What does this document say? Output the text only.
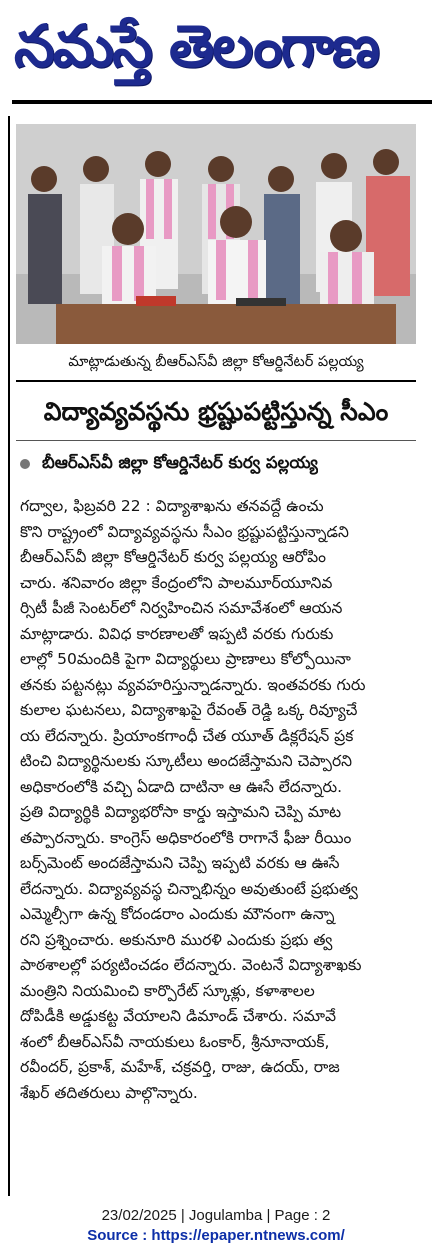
నమస్తే తెలంగాణ
మాట్లాడుతున్న బీఆర్‌ఎస్‌వీ జిల్లా కోఆర్డినేటర్‌ పల్లయ్య
విద్యావ్యవస్థను భ్రష్టుపట్టిస్తున్న సీఎం
బీఆర్‌ఎస్‌వీ జిల్లా కోఆర్డినేటర్‌ కుర్వ పల్లయ్య
గద్వాల, ఫిబ్రవరి 22 : విద్యాశాఖను తనవద్దే ఉంచు
కొని రాష్ట్రంలో విద్యావ్యవస్థను సీఎం భ్రష్టుపట్టిస్తున్నాడని
బీఆర్‌ఎస్‌వీ జిల్లా కోఆర్డినేటర్‌ కుర్వ పల్లయ్య ఆరోపిం
చారు. శనివారం జిల్లా కేంద్రంలోని పాలమూర్‌యూనివ
ర్సిటీ పీజీ సెంటర్‌లో నిర్వహించిన సమావేశంలో ఆయన
మాట్లాడారు. వివిధ కారణాలతో ఇప్పటి వరకు గురుకు
లాల్లో 50మందికి పైగా విద్యార్థులు ప్రాణాలు కోల్పోయినా
తనకు పట్టనట్లు వ్యవహరిస్తున్నాడన్నారు. ఇంతవరకు గురు
కులాల ఘటనలు, విద్యాశాఖపై రేవంత్‌ రెడ్డి ఒక్క రివ్యూచే
య లేదన్నారు. ప్రియాంకగాంధీ చేత యూత్‌ డిక్లరేషన్‌ ప్రక
టించి విద్యార్థినులకు స్కూటీలు అందజేస్తామని చెప్పారని
అధికారంలోకి వచ్చి ఏడాది దాటినా ఆ ఊసే లేదన్నారు.
ప్రతి విద్యార్థికి విద్యాభరోసా కార్డు ఇస్తామని చెప్పి మాట
తప్పారన్నారు. కాంగ్రెస్‌ అధికారంలోకి రాగానే ఫీజు రీయిం
బర్స్‌మెంట్‌ అందజేస్తామని చెప్పి ఇప్పటి వరకు ఆ ఊసే
లేదన్నారు. విద్యావ్యవస్థ చిన్నాభిన్నం అవుతుంటే ప్రభుత్వ
ఎమ్మెల్సీగా ఉన్న కోదండరాం ఎందుకు మౌనంగా ఉన్నా
రని ప్రశ్నించారు. అకునూరి మురళి ఎందుకు ప్రభు త్వ
పాఠశాలల్లో పర్యటించడం లేదన్నారు. వెంటనే విద్యాశాఖకు
మంత్రిని నియమించి కార్పొరేట్‌ స్కూళ్లు, కళాశాలల
దోపిడీకి అడ్డుకట్ట వేయాలని డిమాండ్‌ చేశారు. సమావే
శంలో బీఆర్‌ఎస్‌వీ నాయకులు ఓంకార్‌, శ్రీనూనాయక్‌,
రవీందర్‌, ప్రకాశ్‌, మహేశ్‌, చక్రవర్తి, రాజు, ఉదయ్‌, రాజ
శేఖర్‌ తదితరులు పాల్గొన్నారు.
23/02/2025 | Jogulamba | Page : 2
Source : https://epaper.ntnews.com/
